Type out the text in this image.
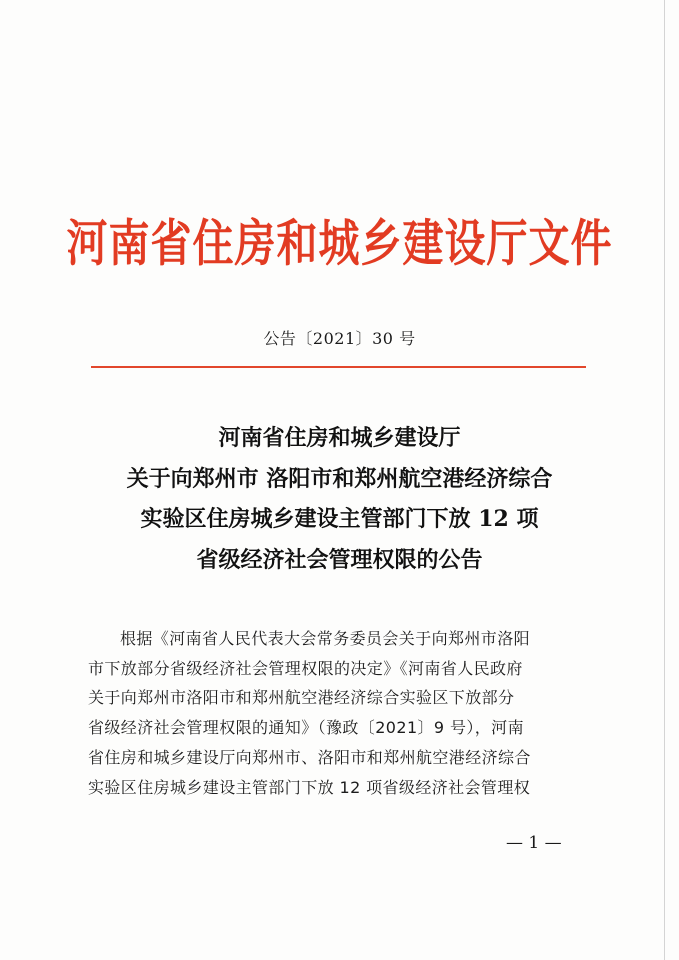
河南省住房和城乡建设厅文件
公告〔2021〕30 号
河南省住房和城乡建设厅
关于向郑州市 洛阳市和郑州航空港经济综合
实验区住房城乡建设主管部门下放 12 项
省级经济社会管理权限的公告
根据《河南省人民代表大会常务委员会关于向郑州市洛阳
市下放部分省级经济社会管理权限的决定》《河南省人民政府
关于向郑州市洛阳市和郑州航空港经济综合实验区下放部分
省级经济社会管理权限的通知》（豫政〔2021〕9 号），河南
省住房和城乡建设厅向郑州市、洛阳市和郑州航空港经济综合
实验区住房城乡建设主管部门下放 12 项省级经济社会管理权
— 1 —
